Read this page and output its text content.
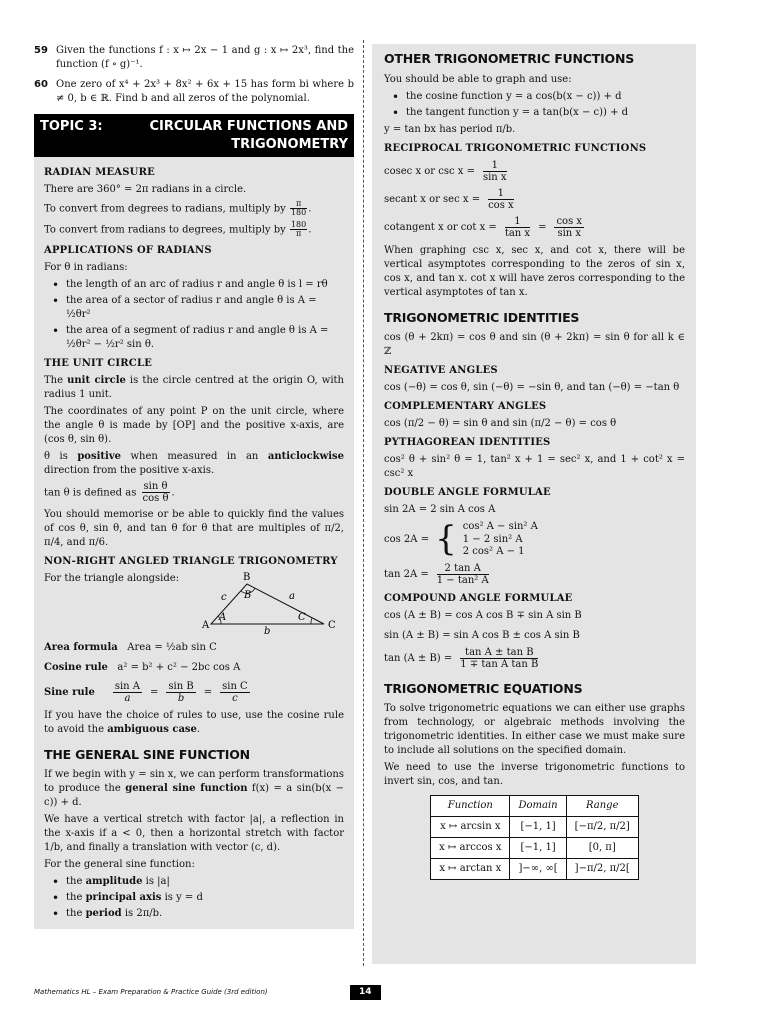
59 Given the functions f : x ↦ 2x − 1 and g : x ↦ 2x³, find the function (f ∘ g)⁻¹.
60 One zero of x⁴ + 2x³ + 8x² + 6x + 15 has form bi where b ≠ 0, b ∈ ℝ. Find b and all zeros of the polynomial.
TOPIC 3:	CIRCULAR FUNCTIONS AND
TRIGONOMETRY
RADIAN MEASURE

There are 360° = 2π radians in a circle.

To convert from degrees to radians, multiply by $\frac{\pi}{180}$ .

To convert from radians to degrees, multiply by $\frac{180}{\pi}$ .

APPLICATIONS OF RADIANS

For θ in radians:

• the length of an arc of radius r and angle θ is l = rθ
• the area of a sector of radius r and angle θ is A = ½θr²
• the area of a segment of radius r and angle θ is A = ½θr² − ½r² sin θ.
THE UNIT CIRCLE

The unit circle is the circle centred at the origin O, with radius 1 unit.

The coordinates of any point P on the unit circle, where the angle θ is made by [OP] and the positive x-axis, are (cos θ, sin θ).

θ is positive when measured in an anticlockwise direction from the positive x-axis.

tan θ is defined as $\frac{\text{sin θ}}{\text{cos θ}}$ .

You should memorise or be able to quickly find the values of cos θ, sin θ, and tan θ for θ that are multiples of π/2, π/4, and π/6.

NON-RIGHT ANGLED TRIANGLE TRIGONOMETRY

For the triangle alongside:

A
B
C
A
B
C
c	a
b

Area formula Area = ½ab sin C

Cosine rule a² = b² + c² − 2bc cos A

Sine rule
sin A
a
=
sin B
b
=
sin C
c

If you have the choice of rules to use, use the cosine rule to avoid the ambiguous case.

THE GENERAL SINE FUNCTION

If we begin with y = sin x, we can perform transformations to produce the general sine function f(x) = a sin(b(x − c)) + d.

We have a vertical stretch with factor |a|, a reflection in the x-axis if a < 0, then a horizontal stretch with factor 1/b, and finally a translation with vector (c, d).

For the general sine function:

• the amplitude is |a|
• the principal axis is y = d
• the period is 2π/b.
OTHER TRIGONOMETRIC FUNCTIONS

You should be able to graph and use:

• the cosine function y = a cos(b(x − c)) + d
• the tangent function y = a tan(b(x − c)) + d

y = tan bx has period π/b.

RECIPROCAL TRIGONOMETRIC FUNCTIONS
cosec x or $\csc x = \frac{1}{\text{sin x}}$
secant x or $\sec x = \frac{1}{\text{cos x}}$
cotangent x or $\cot x = \frac{1}{\text{tan x}}$ =
cos x
sin x

When graphing csc x, sec x, and cot x, there will be vertical asymptotes corresponding to the zeros of sin x, cos x, and tan x. cot x will have zeros corresponding to the vertical asymptotes of tan x.

TRIGONOMETRIC IDENTITIES

cos (θ + 2kπ) = cos θ and sin (θ + 2kπ) = sin θ for all k ∈ ℤ

NEGATIVE ANGLES

cos (−θ) = cos θ, sin (−θ) = −sin θ, and tan (−θ) = −tan θ

COMPLEMENTARY ANGLES

cos (π/2 − θ) = sin θ and sin (π/2 − θ) = cos θ

PYTHAGOREAN IDENTITIES

cos² θ + sin² θ = 1, tan² x + 1 = sec² x, and 1 + cot² x = csc² x

DOUBLE ANGLE FORMULAE

sin 2A = 2 sin A cos A

cos 2A = { cos² A − sin² A
1 − 2 sin² A
2 cos² A − 1
$\tan 2A = \frac{\text{2 tan A}}{\text{1 − tan² A}}$
COMPOUND ANGLE FORMULAE

cos (A ± B) = cos A cos B ∓ sin A sin B

sin (A ± B) = sin A cos B ± cos A sin B

$\tan (A \pm B) = \frac{\text{tan A ± tan B}}{\text{1 ∓ tan A tan B}}$
TRIGONOMETRIC EQUATIONS

To solve trigonometric equations we can either use graphs from technology, or algebraic methods involving the trigonometric identities. In either case we must make sure to include all solutions on the specified domain.

We need to use the inverse trigonometric functions to invert sin, cos, and tan.

Function	Domain	Range
x ↦ arcsin x	[−1, 1]	[−π/2, π/2]
x ↦ arccos x	[−1, 1]	[0, π]
x ↦ arctan x	]−∞, ∞[	]−π/2, π/2[
Mathematics HL – Exam Preparation & Practice Guide (3rd edition)	14
